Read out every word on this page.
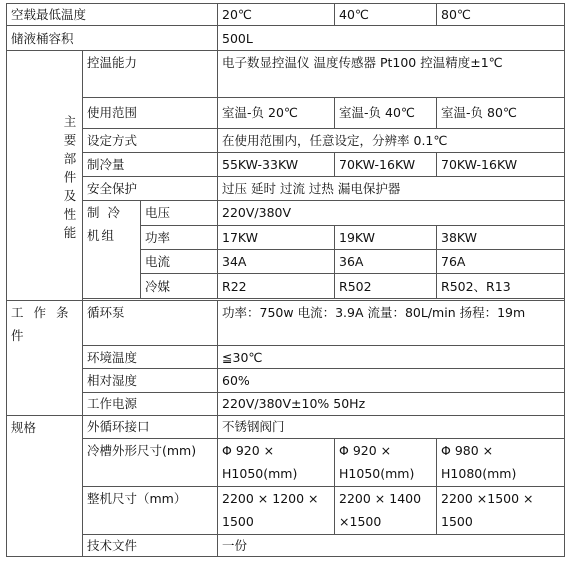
空载最低温度			20℃	40℃	80℃
储液桶容积			500L		
主要部件及性能	控温能力		电子数显控温仪 温度传感器 Pt100 控温精度±1℃		
	使用范围		室温-负 20℃	室温-负 40℃	室温-负 80℃
	设定方式		在使用范围内，任意设定，分辨率 0.1℃		
	制冷量		55KW-33KW	70KW-16KW	70KW-16KW
	安全保护		过压 延时 过流 过热 漏电保护器		
	制 冷 机组	电压	220V/380V		
		功率	17KW	19KW	38KW
		电流	34A	36A	76A
		冷媒	R22	R502	R502、R13

工 作 条 件	循环泵		功率：750w 电流：3.9A 流量：80L/min 扬程：19m		
	环境温度		≦30℃		
	相对湿度		60%		
	工作电源		220V/380V±10% 50Hz		
规格	外循环接口		不锈钢阀门		
	冷槽外形尺寸(mm)		Φ 920 × H1050(mm)	Φ 920 × H1050(mm)	Φ 980 × H1080(mm)
	整机尺寸（mm）		2200 × 1200 × 1500	2200 × 1400 ×1500	2200 ×1500 × 1500
	技术文件		一份		
